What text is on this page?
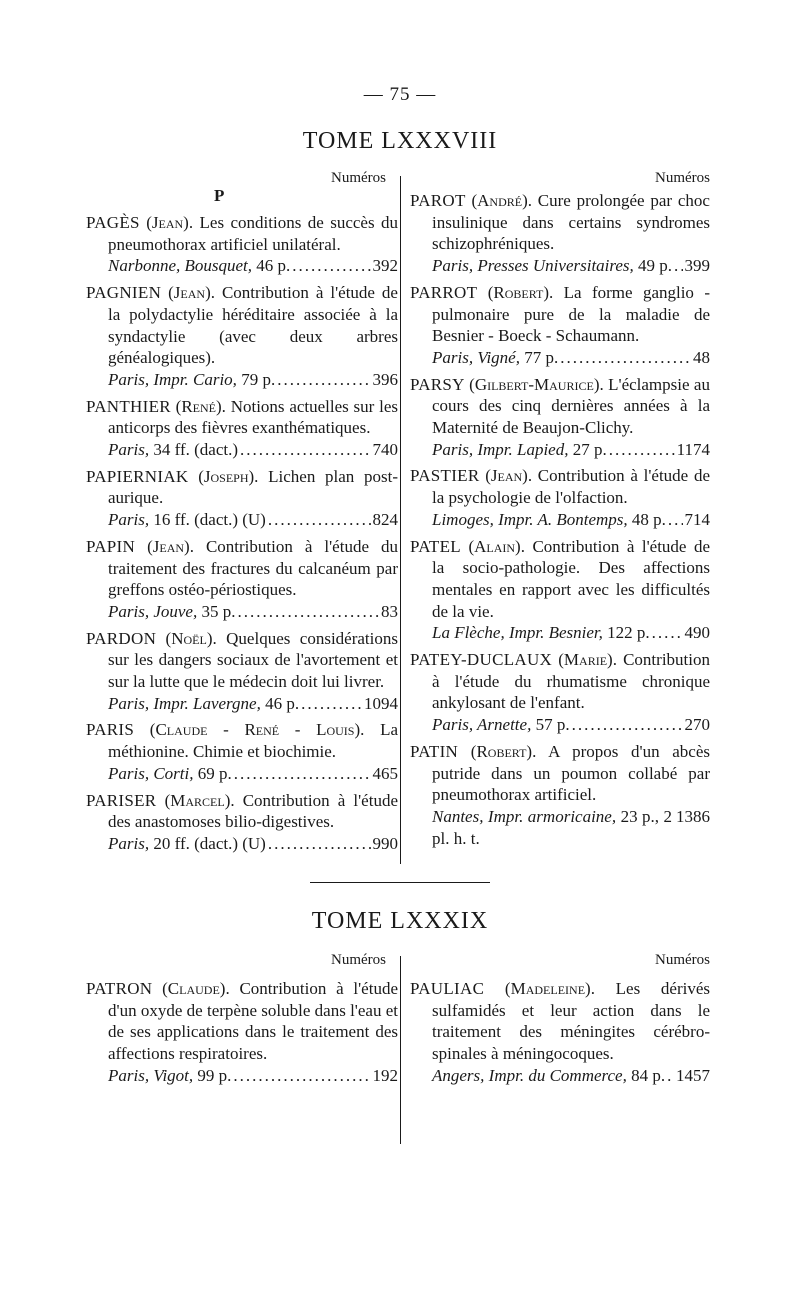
— 75 —
TOME LXXXVIII
Numéros	Numéros
P
PAGÈS (Jean). Les conditions de succès du pneumothorax artificiel unilatéral.
Narbonne, Bousquet, 46 p. .....	392
PAGNIEN (Jean). Contribution à l'étude de la polydactylie héréditaire associée à la syndactylie (avec deux arbres généalogiques).
Paris, Impr. Cario, 79 p. .....	396
PANTHIER (René). Notions actuelles sur les anticorps des fièvres exanthématiques.
Paris, 34 ff. (dact.) .....	740
PAPIERNIAK (Joseph). Lichen plan post-aurique.
Paris, 16 ff. (dact.) (U) .....	824
PAPIN (Jean). Contribution à l'étude du traitement des fractures du calcanéum par greffons ostéo-périostiques.
Paris, Jouve, 35 p. .....	83
PARDON (Noël). Quelques considérations sur les dangers sociaux de l'avortement et sur la lutte que le médecin doit lui livrer.
Paris, Impr. Lavergne, 46 p. .....	1094
PARIS (Claude - René - Louis). La méthionine. Chimie et biochimie.
Paris, Corti, 69 p. .....	465
PARISER (Marcel). Contribution à l'étude des anastomoses bilio-digestives.
Paris, 20 ff. (dact.) (U) .....	990
PAROT (André). Cure prolongée par choc insulinique dans certains syndromes schizophréniques.
Paris, Presses Universitaires, 49 p. ..... 399
PARROT (Robert). La forme ganglio - pulmonaire pure de la maladie de Besnier - Boeck - Schaumann.
Paris, Vigné, 77 p. .....	48
PARSY (Gilbert-Maurice). L'éclampsie au cours des cinq dernières années à la Maternité de Beaujon-Clichy.
Paris, Impr. Lapied, 27 p. .....	1174
PASTIER (Jean). Contribution à l'étude de la psychologie de l'olfaction.
Limoges, Impr. A. Bontemps, 48 p. ..... 714
PATEL (Alain). Contribution à l'étude de la socio-pathologie. Des affections mentales en rapport avec les difficultés de la vie.
La Flèche, Impr. Besnier, 122 p. ..... 490
PATEY-DUCLAUX (Marie). Contribution à l'étude du rhumatisme chronique ankylosant de l'enfant.
Paris, Arnette, 57 p. .....	270
PATIN (Robert). A propos d'un abcès putride dans un poumon collabé par pneumothorax artificiel.
Nantes, Impr. armoricaine, 23 p., 2 pl. h. t.
1386
TOME LXXXIX
Numéros	Numéros
PATRON (Claude). Contribution à l'étude d'un oxyde de terpène soluble dans l'eau et de ses applications dans le traitement des affections respiratoires.
Paris, Vigot, 99 p. .....	192
PAULIAC (Madeleine). Les dérivés sulfamidés et leur action dans le traitement des méningites cérébro-spinales à méningocoques.
Angers, Impr. du Commerce, 84 p. ..... 1457
